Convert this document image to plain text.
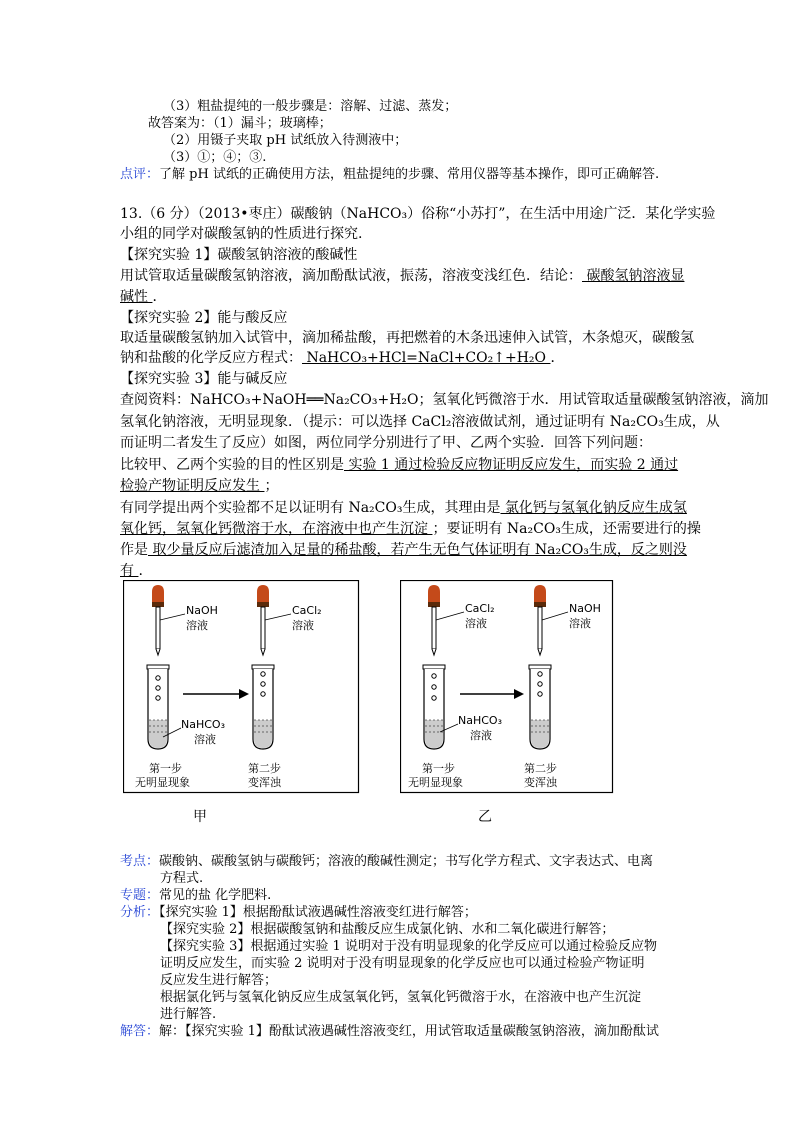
（3）粗盐提纯的一般步骤是：溶解、过滤、蒸发；
故答案为：（1）漏斗；玻璃棒；
（2）用镊子夹取 pH 试纸放入待测液中；
（3）①；④；③.
点评：了解 pH 试纸的正确使用方法，粗盐提纯的步骤、常用仪器等基本操作，即可正确解答.
13.（6 分）（2013•枣庄）碳酸钠（NaHCO₃）俗称“小苏打”，在生活中用途广泛．某化学实验
小组的同学对碳酸氢钠的性质进行探究.
【探究实验 1】碳酸氢钠溶液的酸碱性
用试管取适量碳酸氢钠溶液，滴加酚酞试液，振荡，溶液变浅红色．结论： 碳酸氢钠溶液显
碱性 ．
【探究实验 2】能与酸反应
取适量碳酸氢钠加入试管中，滴加稀盐酸，再把燃着的木条迅速伸入试管，木条熄灭，碳酸氢
钠和盐酸的化学反应方程式： NaHCO₃+HCl=NaCl+CO₂↑+H₂O ．
【探究实验 3】能与碱反应
查阅资料：NaHCO₃+NaOH══Na₂CO₃+H₂O；氢氧化钙微溶于水．用试管取适量碳酸氢钠溶液，滴加
氢氧化钠溶液，无明显现象．（提示：可以选择 CaCl₂溶液做试剂，通过证明有 Na₂CO₃生成，从
而证明二者发生了反应）如图，两位同学分别进行了甲、乙两个实验．回答下列问题：
比较甲、乙两个实验的目的性区别是 实验 1 通过检验反应物证明反应发生，而实验 2 通过
检验产物证明反应发生 ；
有同学提出两个实验都不足以证明有 Na₂CO₃生成，其理由是 氯化钙与氢氧化钠反应生成氢
氧化钙，氢氧化钙微溶于水，在溶液中也产生沉淀 ；要证明有 Na₂CO₃生成，还需要进行的操
作是 取少量反应后滤渣加入足量的稀盐酸，若产生无色气体证明有 Na₂CO₃生成，反之则没
有 .
NaOH
溶液
CaCl₂
溶液
NaHCO₃
溶液
第一步
无明显现象
第二步
变浑浊
甲
CaCl₂
溶液
NaOH
溶液
NaHCO₃
溶液
第一步
无明显现象
第二步
变浑浊
乙
考点：碳酸钠、碳酸氢钠与碳酸钙；溶液的酸碱性测定；书写化学方程式、文字表达式、电离
方程式.
专题：常见的盐 化学肥料.
分析：【探究实验 1】根据酚酞试液遇碱性溶液变红进行解答；
【探究实验 2】根据碳酸氢钠和盐酸反应生成氯化钠、水和二氧化碳进行解答；
【探究实验 3】根据通过实验 1 说明对于没有明显现象的化学反应可以通过检验反应物
证明反应发生，而实验 2 说明对于没有明显现象的化学反应也可以通过检验产物证明
反应发生进行解答；
根据氯化钙与氢氧化钠反应生成氢氧化钙，氢氧化钙微溶于水，在溶液中也产生沉淀
进行解答.
解答：解：【探究实验 1】酚酞试液遇碱性溶液变红，用试管取适量碳酸氢钠溶液，滴加酚酞试
